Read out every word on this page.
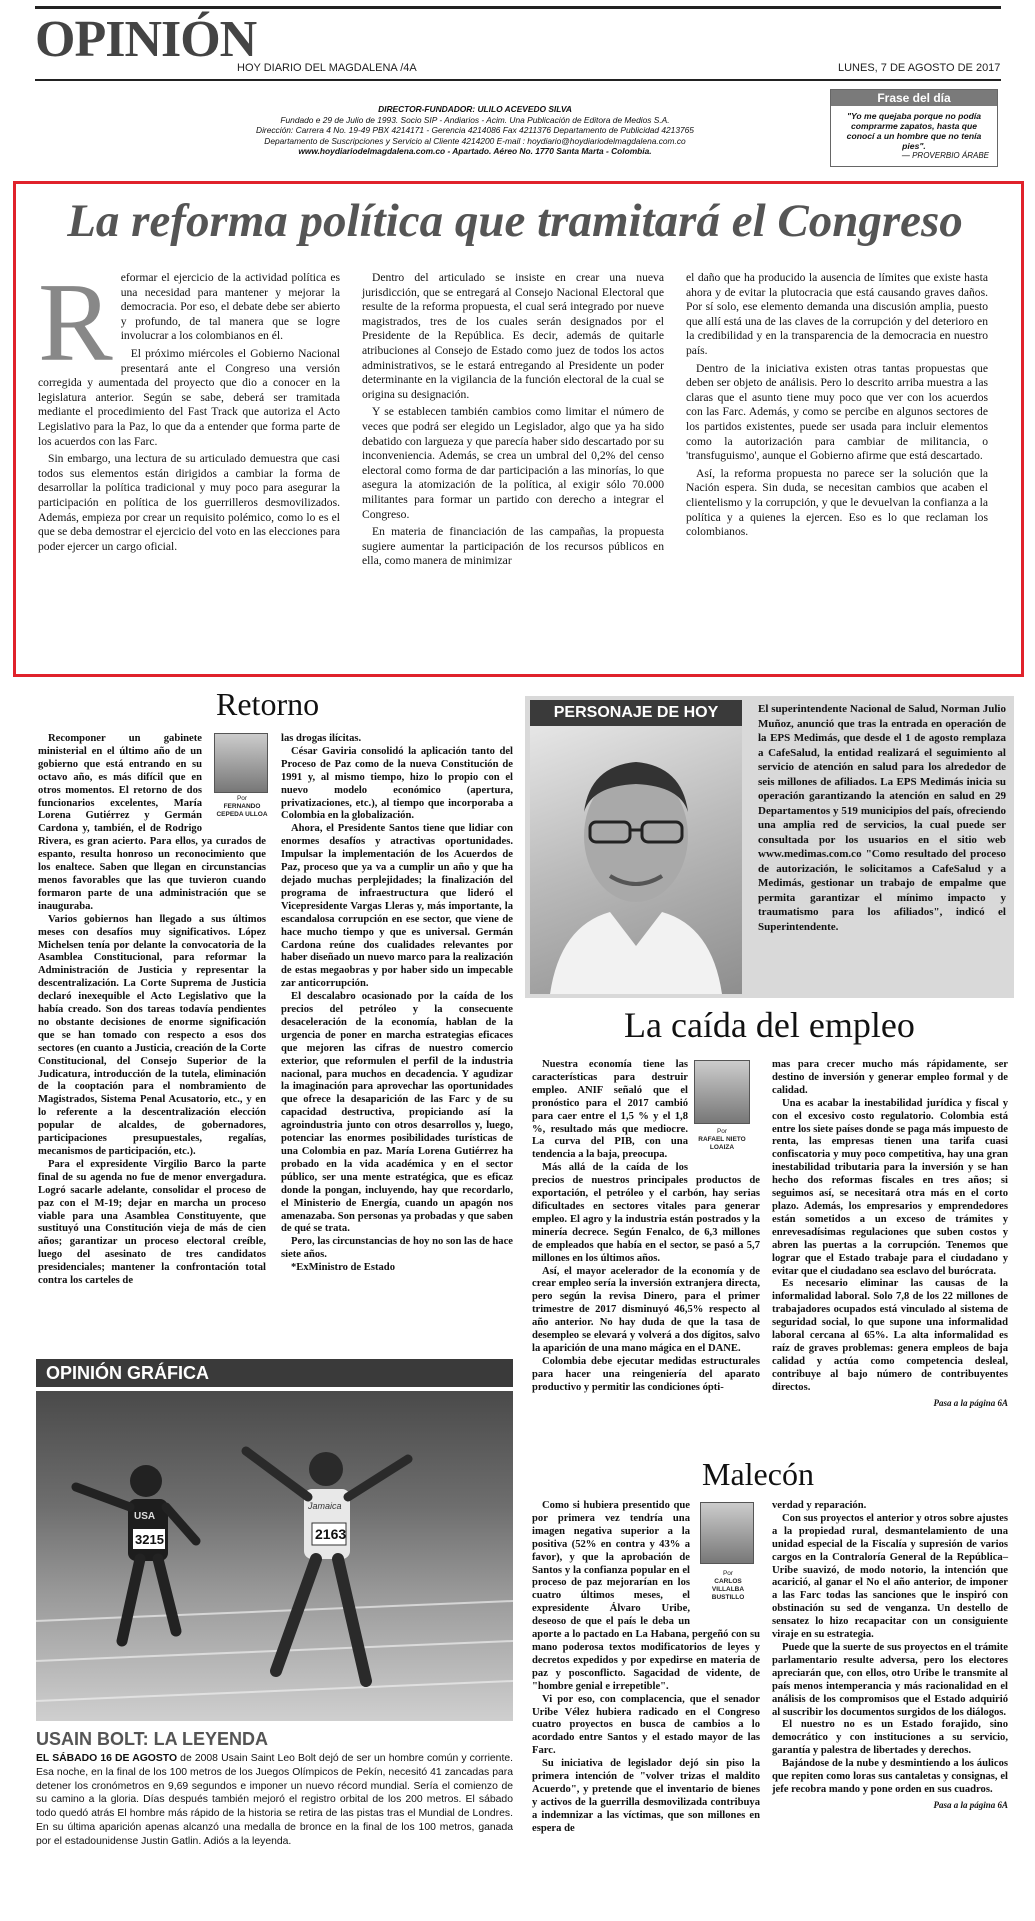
OPINIÓN
HOY DIARIO DEL MAGDALENA /4A	LUNES, 7 DE AGOSTO DE 2017
DIRECTOR-FUNDADOR: ULILO ACEVEDO SILVA
Fundado e 29 de Julio de 1993. Socio SIP - Andiarios - Acim. Una Publicación de Editora de Medios S.A.
Dirección: Carrera 4 No. 19-49 PBX 4214171 - Gerencia 4214086 Fax 4211376 Departamento de Publicidad 4213765
Departamento de Suscripciones y Servicio al Cliente 4214200 E-mail : hoydiario@hoydiariodelmagdalena.com.co
www.hoydiariodelmagdalena.com.co - Apartado. Aéreo No. 1770 Santa Marta - Colombia.
Frase del día
"Yo me quejaba porque no podía comprarme zapatos, hasta que conocí a un hombre que no tenía pies".
— PROVERBIO ÁRABE
La reforma política que tramitará el Congreso
R eformar el ejercicio de la actividad política es una necesidad para mantener y mejorar la democracia. Por eso, el debate debe ser abierto y profundo, de tal manera que se logre involucrar a los colombianos en él.

El próximo miércoles el Gobierno Nacional presentará ante el Congreso una versión corregida y aumentada del proyecto que dio a conocer en la legislatura anterior. Según se sabe, deberá ser tramitada mediante el procedimiento del Fast Track que autoriza el Acto Legislativo para la Paz, lo que da a entender que forma parte de los acuerdos con las Farc.

Sin embargo, una lectura de su articulado demuestra que casi todos sus elementos están dirigidos a cambiar la forma de desarrollar la política tradicional y muy poco para asegurar la participación en política de los guerrilleros desmovilizados. Además, empieza por crear un requisito polémico, como lo es el que se deba demostrar el ejercicio del voto en las elecciones para poder ejercer un cargo oficial.

Dentro del articulado se insiste en crear una nueva jurisdicción, que se entregará al Consejo Nacional Electoral que resulte de la reforma propuesta, el cual será integrado por nueve magistrados, tres de los cuales serán designados por el Presidente de la República. Es decir, además de quitarle atribuciones al Consejo de Estado como juez de todos los actos administrativos, se le estará entregando al Presidente un poder determinante en la vigilancia de la función electoral de la cual se origina su designación.

Y se establecen también cambios como limitar el número de veces que podrá ser elegido un Legislador, algo que ya ha sido debatido con largueza y que parecía haber sido descartado por su inconveniencia. Además, se crea un umbral del 0,2% del censo electoral como forma de dar participación a las minorías, lo que asegura la atomización de la política, al exigir sólo 70.000 militantes para formar un partido con derecho a integrar el Congreso.

En materia de financiación de las campañas, la propuesta sugiere aumentar la participación de los recursos públicos en ella, como manera de minimizar

el daño que ha producido la ausencia de límites que existe hasta ahora y de evitar la plutocracia que está causando graves daños. Por sí solo, ese elemento demanda una discusión amplia, puesto que allí está una de las claves de la corrupción y del deterioro en la credibilidad y en la transparencia de la democracia en nuestro país.

Dentro de la iniciativa existen otras tantas propuestas que deben ser objeto de análisis. Pero lo descrito arriba muestra a las claras que el asunto tiene muy poco que ver con los acuerdos con las Farc. Además, y como se percibe en algunos sectores de los partidos existentes, puede ser usada para incluir elementos como la autorización para cambiar de militancia, o 'transfuguismo', aunque el Gobierno afirme que está descartado.

Así, la reforma propuesta no parece ser la solución que la Nación espera. Sin duda, se necesitan cambios que acaben el clientelismo y la corrupción, y que le devuelvan la confianza a la política y a quienes la ejercen. Eso es lo que reclaman los colombianos.

Retorno
Por
FERNANDO CEPEDA ULLOA

Recomponer un gabinete ministerial en el último año de un gobierno que está entrando en su octavo año, es más difícil que en otros momentos. El retorno de dos funcionarios excelentes, María Lorena Gutiérrez y Germán Cardona y, también, el de Rodrigo Rivera, es gran acierto. Para ellos, ya curados de espanto, resulta honroso un reconocimiento que los enaltece. Saben que llegan en circunstancias menos favorables que las que tuvieron cuando formaron parte de una administración que se inauguraba.

Varios gobiernos han llegado a sus últimos meses con desafíos muy significativos. López Michelsen tenía por delante la convocatoria de la Asamblea Constitucional, para reformar la Administración de Justicia y representar la descentralización. La Corte Suprema de Justicia declaró inexequible el Acto Legislativo que la había creado. Son dos tareas todavía pendientes no obstante decisiones de enorme significación que se han tomado con respecto a esos dos sectores (en cuanto a Justicia, creación de la Corte Constitucional, del Consejo Superior de la Judicatura, introducción de la tutela, eliminación de la cooptación para el nombramiento de Magistrados, Sistema Penal Acusatorio, etc., y en lo referente a la descentralización elección popular de alcaldes, de gobernadores, participaciones presupuestales, regalías, mecanismos de participación, etc.).

Para el expresidente Virgilio Barco la parte final de su agenda no fue de menor envergadura. Logró sacarle adelante, consolidar el proceso de paz con el M-19; dejar en marcha un proceso viable para una Asamblea Constituyente, que sustituyó una Constitución vieja de más de cien años; garantizar un proceso electoral creíble, luego del asesinato de tres candidatos presidenciales; mantener la confrontación total contra los carteles de

las drogas ilícitas.

César Gaviria consolidó la aplicación tanto del Proceso de Paz como de la nueva Constitución de 1991 y, al mismo tiempo, hizo lo propio con el nuevo modelo económico (apertura, privatizaciones, etc.), al tiempo que incorporaba a Colombia en la globalización.

Ahora, el Presidente Santos tiene que lidiar con enormes desafíos y atractivas oportunidades. Impulsar la implementación de los Acuerdos de Paz, proceso que ya va a cumplir un año y que ha dejado muchas perplejidades; la finalización del programa de infraestructura que lideró el Vicepresidente Vargas Lleras y, más importante, la escandalosa corrupción en ese sector, que viene de hace mucho tiempo y que es universal. Germán Cardona reúne dos cualidades relevantes por haber diseñado un nuevo marco para la realización de estas megaobras y por haber sido un impecable zar anticorrupción.

El descalabro ocasionado por la caída de los precios del petróleo y la consecuente desaceleración de la economía, hablan de la urgencia de poner en marcha estrategias eficaces que mejoren las cifras de nuestro comercio exterior, que reformulen el perfil de la industria nacional, para muchos en decadencia. Y agudizar la imaginación para aprovechar las oportunidades que ofrece la desaparición de las Farc y de su capacidad destructiva, propiciando así la agroindustria junto con otros desarrollos y, luego, potenciar las enormes posibilidades turísticas de una Colombia en paz. María Lorena Gutiérrez ha probado en la vida académica y en el sector público, ser una mente estratégica, que es eficaz donde la pongan, incluyendo, hay que recordarlo, el Ministerio de Energía, cuando un apagón nos amenazaba. Son personas ya probadas y que saben de qué se trata.

Pero, las circunstancias de hoy no son las de hace siete años.

*ExMinistro de Estado

PERSONAJE DE HOY	El superintendente Nacional de Salud, Norman Julio Muñoz, anunció que tras la entrada en operación de la EPS Medimás, que desde el 1 de agosto remplaza a CafeSalud, la entidad realizará el seguimiento al servicio de atención en salud para los alrededor de seis millones de afiliados. La EPS Medimás inicia su operación garantizando la atención en salud en 29 Departamentos y 519 municipios del país, ofreciendo una amplia red de servicios, la cual puede ser consultada por los usuarios en el sitio web www.medimas.com.co "Como resultado del proceso de autorización, le solicitamos a CafeSalud y a Medimás, gestionar un trabajo de empalme que permita garantizar el mínimo impacto y traumatismo para los afiliados", indicó el Superintendente.
La caída del empleo
Por
RAFAEL NIETO LOAIZA

Nuestra economía tiene las características para destruir empleo. ANIF señaló que el pronóstico para el 2017 cambió para caer entre el 1,5 % y el 1,8 %, resultado más que mediocre. La curva del PIB, con una tendencia a la baja, preocupa.

Más allá de la caída de los precios de nuestros principales productos de exportación, el petróleo y el carbón, hay serias dificultades en sectores vitales para generar empleo. El agro y la industria están postrados y la minería decrece. Según Fenalco, de 6,3 millones de empleados que había en el sector, se pasó a 5,7 millones en los últimos años.

Así, el mayor acelerador de la economía y de crear empleo sería la inversión extranjera directa, pero según la revisa Dinero, para el primer trimestre de 2017 disminuyó 46,5% respecto al año anterior. No hay duda de que la tasa de desempleo se elevará y volverá a dos dígitos, salvo la aparición de una mano mágica en el DANE.

Colombia debe ejecutar medidas estructurales para hacer una reingeniería del aparato productivo y permitir las condiciones ópti-

mas para crecer mucho más rápidamente, ser destino de inversión y generar empleo formal y de calidad.

Una es acabar la inestabilidad jurídica y fiscal y con el excesivo costo regulatorio. Colombia está entre los siete países donde se paga más impuesto de renta, las empresas tienen una tarifa cuasi confiscatoria y muy poco competitiva, hay una gran inestabilidad tributaria para la inversión y se han hecho dos reformas fiscales en tres años; si seguimos así, se necesitará otra más en el corto plazo. Además, los empresarios y emprendedores están sometidos a un exceso de trámites y enrevesadísimas regulaciones que suben costos y abren las puertas a la corrupción. Tenemos que lograr que el Estado trabaje para el ciudadano y evitar que el ciudadano sea esclavo del burócrata.

Es necesario eliminar las causas de la informalidad laboral. Solo 7,8 de los 22 millones de trabajadores ocupados está vinculado al sistema de seguridad social, lo que supone una informalidad laboral cercana al 65%. La alta informalidad es raíz de graves problemas: genera empleos de baja calidad y actúa como competencia desleal, contribuye al bajo número de contribuyentes directos.

Pasa a la página 6A

OPINIÓN GRÁFICA
3215
USA
2163
Jamaica
USAIN BOLT: LA LEYENDA
EL SÁBADO 16 DE AGOSTO de 2008 Usain Saint Leo Bolt dejó de ser un hombre común y corriente. Esa noche, en la final de los 100 metros de los Juegos Olímpicos de Pekín, necesitó 41 zancadas para detener los cronómetros en 9,69 segundos e imponer un nuevo récord mundial. Sería el comienzo de su camino a la gloria. Días después también mejoró el registro orbital de los 200 metros. El sábado todo quedó atrás El hombre más rápido de la historia se retira de las pistas tras el Mundial de Londres. En su última aparición apenas alcanzó una medalla de bronce en la final de los 100 metros, ganada por el estadounidense Justin Gatlin. Adiós a la leyenda.
Malecón
Por
CARLOS VILLALBA BUSTILLO

Como si hubiera presentido que por primera vez tendría una imagen negativa superior a la positiva (52% en contra y 43% a favor), y que la aprobación de Santos y la confianza popular en el proceso de paz mejorarían en los cuatro últimos meses, el expresidente Álvaro Uribe, deseoso de que el país le deba un aporte a lo pactado en La Habana, pergeñó con su mano poderosa textos modificatorios de leyes y decretos expedidos y por expedirse en materia de paz y posconflicto. Sagacidad de vidente, de "hombre genial e irrepetible".

Vi por eso, con complacencia, que el senador Uribe Vélez hubiera radicado en el Congreso cuatro proyectos en busca de cambios a lo acordado entre Santos y el estado mayor de las Farc.

Su iniciativa de legislador dejó sin piso la primera intención de "volver trizas el maldito Acuerdo", y pretende que el inventario de bienes y activos de la guerrilla desmovilizada contribuya a indemnizar a las víctimas, que son millones en espera de

verdad y reparación.

Con sus proyectos el anterior y otros sobre ajustes a la propiedad rural, desmantelamiento de una unidad especial de la Fiscalía y supresión de varios cargos en la Contraloría General de la República– Uribe suavizó, de modo notorio, la intención que acarició, al ganar el No el año anterior, de imponer a las Farc todas las sanciones que le inspiró con obstinación su sed de venganza. Un destello de sensatez lo hizo recapacitar con un consiguiente viraje en su estrategia.

Puede que la suerte de sus proyectos en el trámite parlamentario resulte adversa, pero los electores apreciarán que, con ellos, otro Uribe le transmite al país menos intemperancia y más racionalidad en el análisis de los compromisos que el Estado adquirió al suscribir los documentos surgidos de los diálogos.

El nuestro no es un Estado forajido, sino democrático y con instituciones a su servicio, garantía y palestra de libertades y derechos.

Bajándose de la nube y desmintiendo a los áulicos que repiten como loras sus cantaletas y consignas, el jefe recobra mando y pone orden en sus cuadros.

Pasa a la página 6A
